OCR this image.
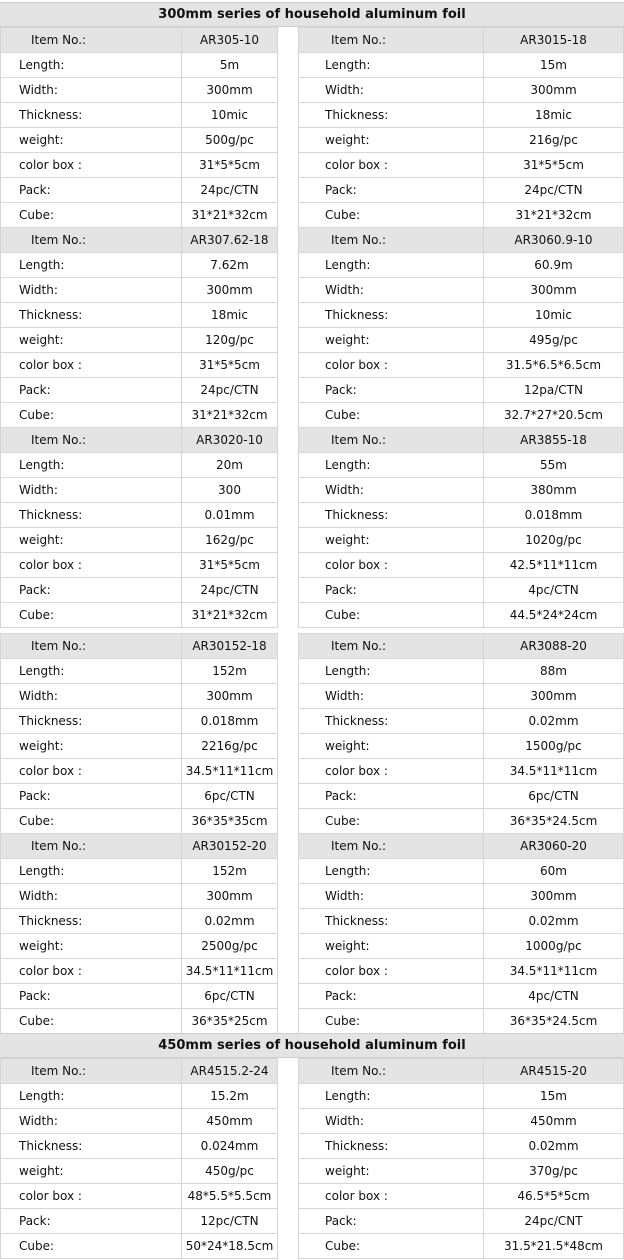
300mm series of household aluminum foil
Item No.:	AR305-10
Length:	5m
Width:	300mm
Thickness:	10mic
weight:	500g/pc
color box :	31*5*5cm
Pack:	24pc/CTN
Cube:	31*21*32cm
Item No.:	AR3015-18
Length:	15m
Width:	300mm
Thickness:	18mic
weight:	216g/pc
color box :	31*5*5cm
Pack:	24pc/CTN
Cube:	31*21*32cm
Item No.:	AR307.62-18
Length:	7.62m
Width:	300mm
Thickness:	18mic
weight:	120g/pc
color box :	31*5*5cm
Pack:	24pc/CTN
Cube:	31*21*32cm
Item No.:	AR3060.9-10
Length:	60.9m
Width:	300mm
Thickness:	10mic
weight:	495g/pc
color box :	31.5*6.5*6.5cm
Pack:	12pa/CTN
Cube:	32.7*27*20.5cm
Item No.:	AR3020-10
Length:	20m
Width:	300
Thickness:	0.01mm
weight:	162g/pc
color box :	31*5*5cm
Pack:	24pc/CTN
Cube:	31*21*32cm
Item No.:	AR3855-18
Length:	55m
Width:	380mm
Thickness:	0.018mm
weight:	1020g/pc
color box :	42.5*11*11cm
Pack:	4pc/CTN
Cube:	44.5*24*24cm
Item No.:	AR30152-18
Length:	152m
Width:	300mm
Thickness:	0.018mm
weight:	2216g/pc
color box :	34.5*11*11cm
Pack:	6pc/CTN
Cube:	36*35*35cm
Item No.:	AR3088-20
Length:	88m
Width:	300mm
Thickness:	0.02mm
weight:	1500g/pc
color box :	34.5*11*11cm
Pack:	6pc/CTN
Cube:	36*35*24.5cm
Item No.:	AR30152-20
Length:	152m
Width:	300mm
Thickness:	0.02mm
weight:	2500g/pc
color box :	34.5*11*11cm
Pack:	6pc/CTN
Cube:	36*35*25cm
Item No.:	AR3060-20
Length:	60m
Width:	300mm
Thickness:	0.02mm
weight:	1000g/pc
color box :	34.5*11*11cm
Pack:	4pc/CTN
Cube:	36*35*24.5cm
450mm series of household aluminum foil
Item No.:	AR4515.2-24
Length:	15.2m
Width:	450mm
Thickness:	0.024mm
weight:	450g/pc
color box :	48*5.5*5.5cm
Pack:	12pc/CTN
Cube:	50*24*18.5cm
Item No.:	AR4515-20
Length:	15m
Width:	450mm
Thickness:	0.02mm
weight:	370g/pc
color box :	46.5*5*5cm
Pack:	24pc/CNT
Cube:	31.5*21.5*48cm
